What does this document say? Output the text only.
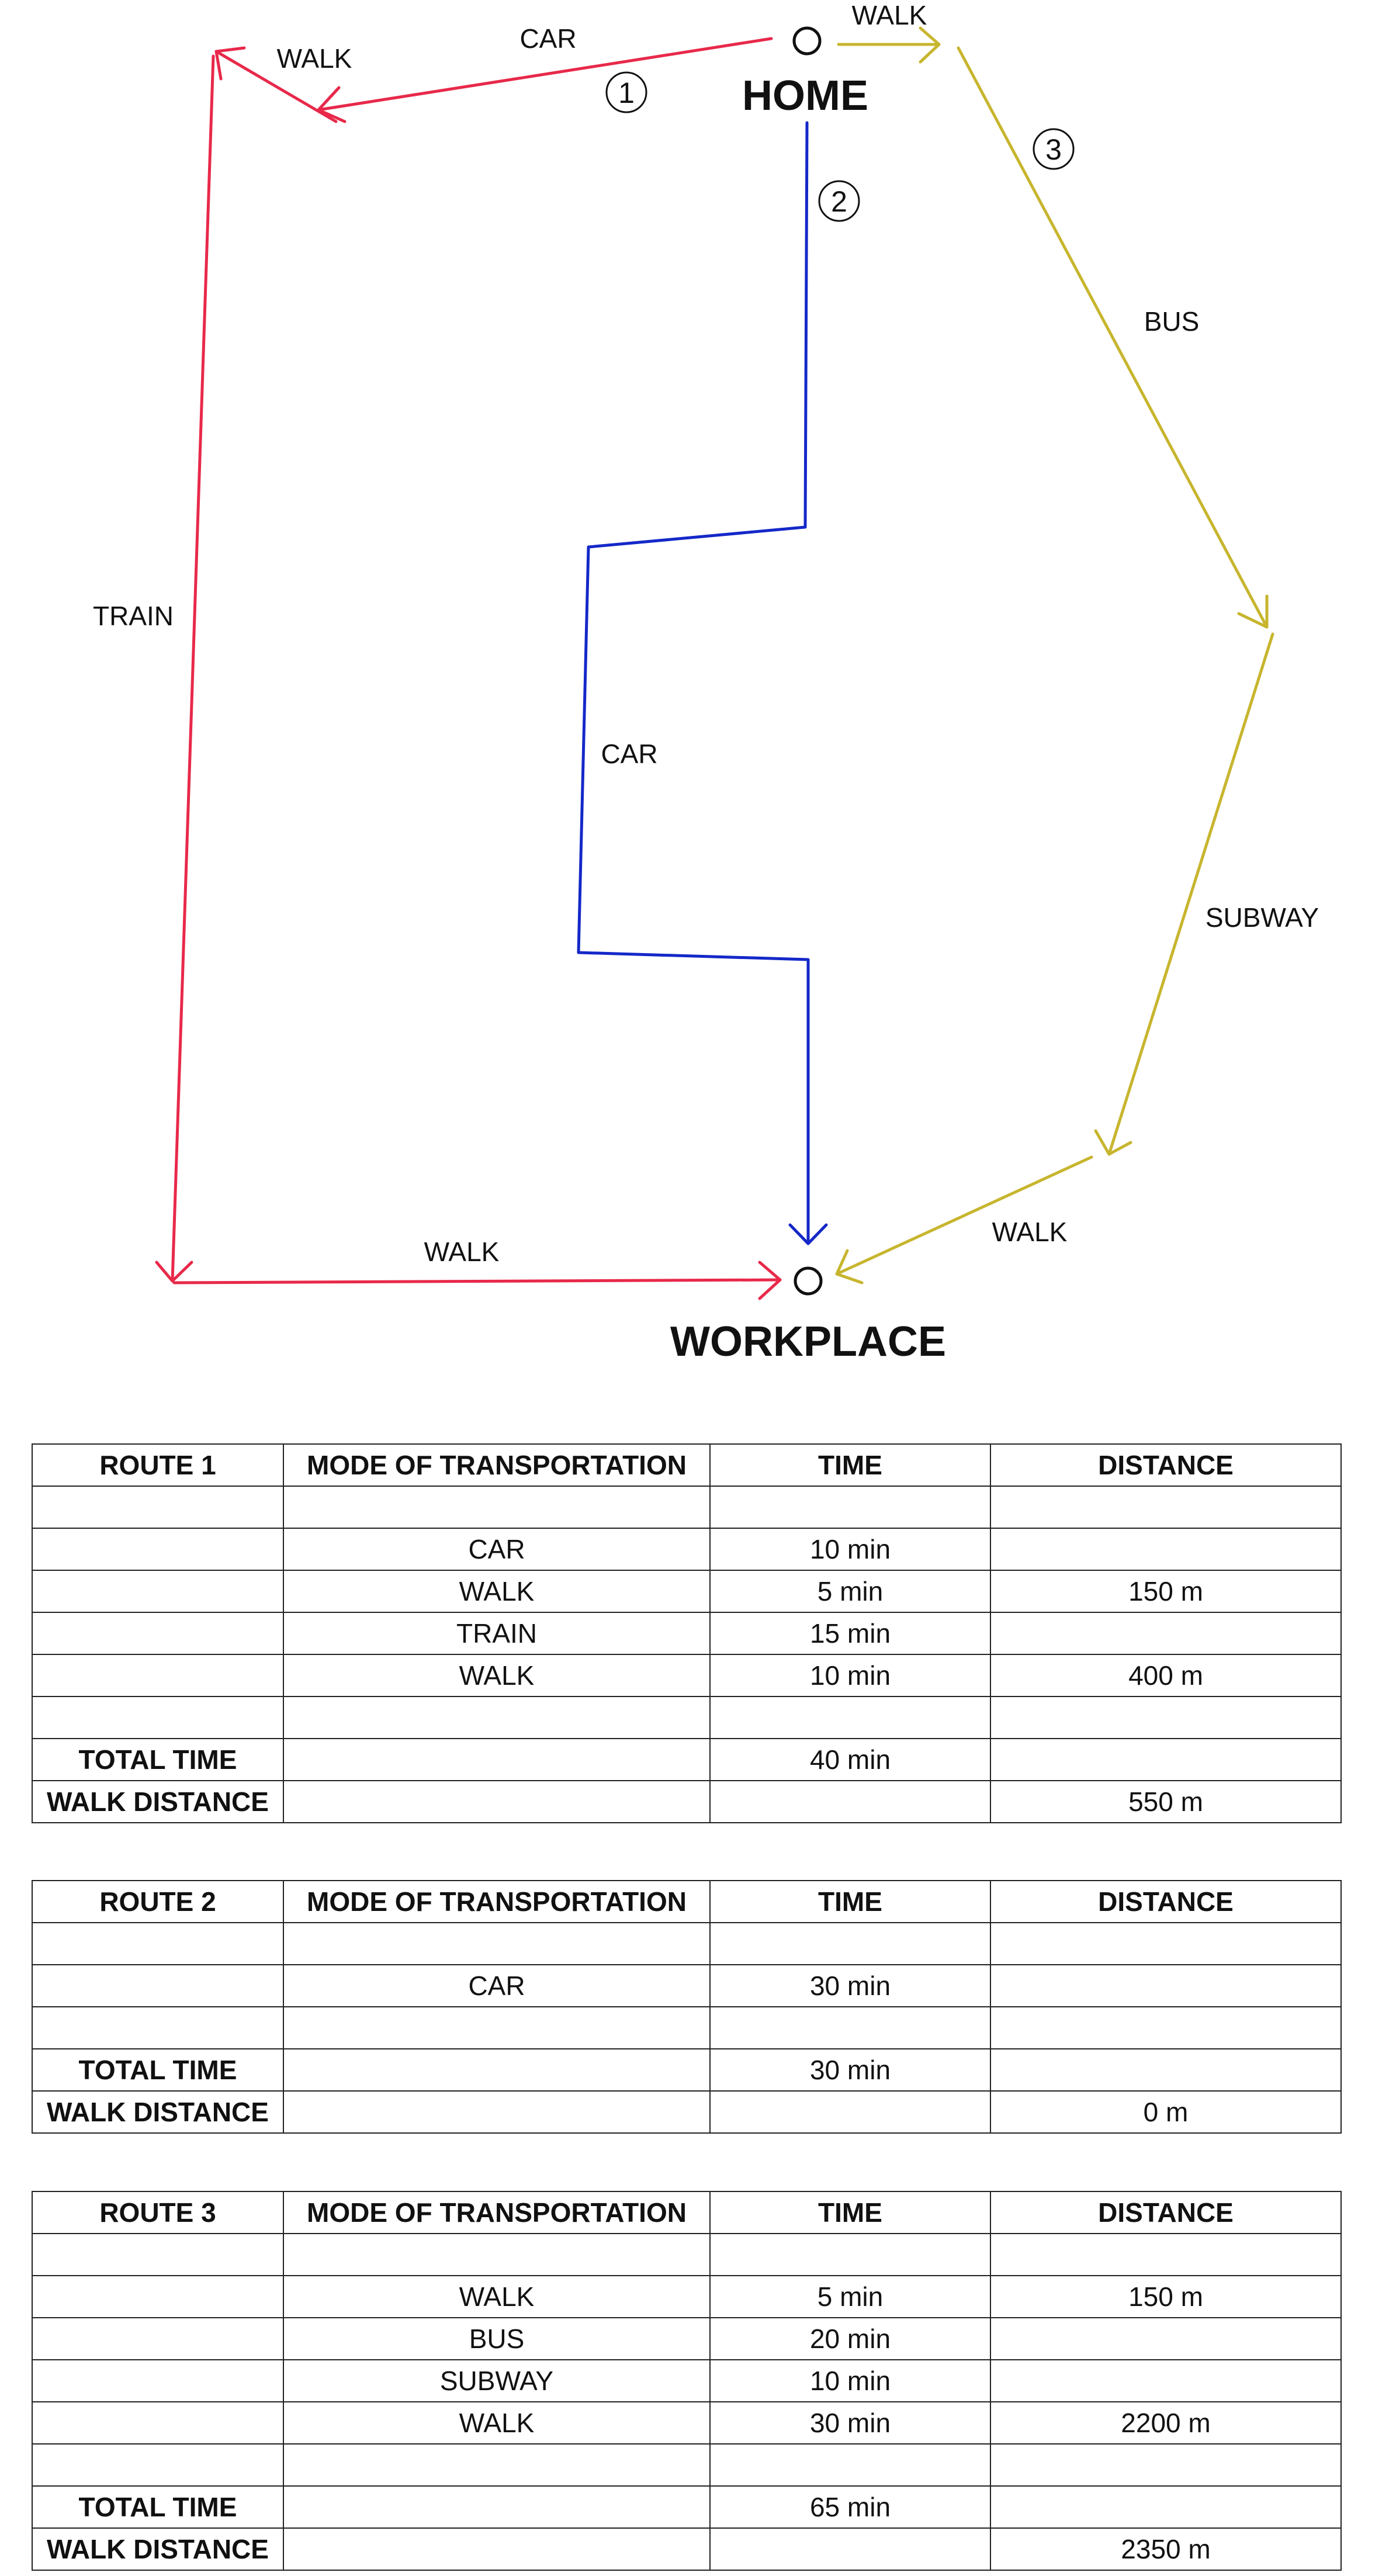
HOME
WORKPLACE
1
2
3
CAR
WALK
TRAIN
WALK
CAR
WALK
BUS
SUBWAY
WALK
ROUTE 1	MODE OF TRANSPORTATION	TIME	DISTANCE

	CAR	10 min	
	WALK	5 min	150 m
	TRAIN	15 min	
	WALK	10 min	400 m

TOTAL TIME		40 min	
WALK DISTANCE			550 m
ROUTE 2	MODE OF TRANSPORTATION	TIME	DISTANCE

	CAR	30 min	

TOTAL TIME		30 min	
WALK DISTANCE			0 m
ROUTE 3	MODE OF TRANSPORTATION	TIME	DISTANCE

	WALK	5 min	150 m
	BUS	20 min	
	SUBWAY	10 min	
	WALK	30 min	2200 m

TOTAL TIME		65 min	
WALK DISTANCE			2350 m
